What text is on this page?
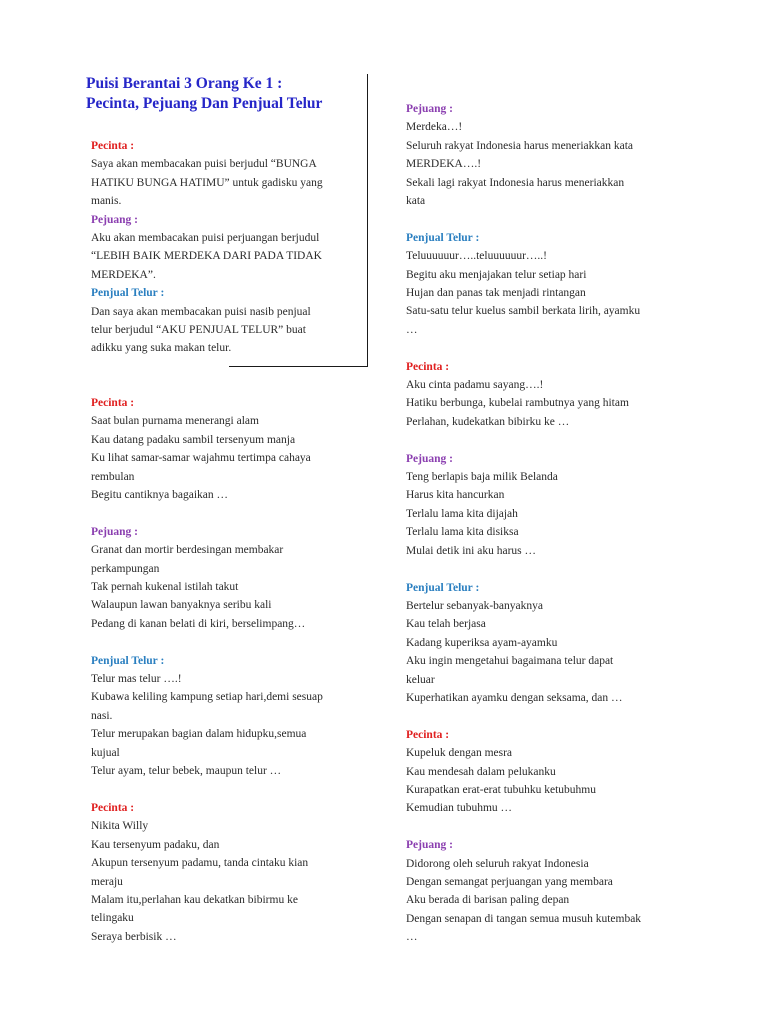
Puisi Berantai 3 Orang Ke 1 :
Pecinta, Pejuang Dan Penjual Telur
Pecinta :
Saya akan membacakan puisi berjudul “BUNGA
HATIKU BUNGA HATIMU” untuk gadisku yang
manis.
Pejuang :
Aku akan membacakan puisi perjuangan berjudul
“LEBIH BAIK MERDEKA DARI PADA TIDAK
MERDEKA”.
Penjual Telur :
Dan saya akan membacakan puisi nasib penjual
telur berjudul “AKU PENJUAL TELUR” buat
adikku yang suka makan telur.
Pecinta :
Saat bulan purnama menerangi alam
Kau datang padaku sambil tersenyum manja
Ku lihat samar-samar wajahmu tertimpa cahaya
rembulan
Begitu cantiknya bagaikan …
Pejuang :
Granat dan mortir berdesingan membakar
perkampungan
Tak pernah kukenal istilah takut
Walaupun lawan banyaknya seribu kali
Pedang di kanan belati di kiri, berselimpang…
Penjual Telur :
Telur mas telur ….!
Kubawa keliling kampung setiap hari,demi sesuap
nasi.
Telur merupakan bagian dalam hidupku,semua
kujual
Telur ayam, telur bebek, maupun telur …
Pecinta :
Nikita Willy
Kau tersenyum padaku, dan
Akupun tersenyum padamu, tanda cintaku kian
meraju
Malam itu,perlahan kau dekatkan bibirmu ke
telingaku
Seraya berbisik …
Pejuang :
Merdeka…!
Seluruh rakyat Indonesia harus meneriakkan kata
MERDEKA….!
Sekali lagi rakyat Indonesia harus meneriakkan
kata
Penjual Telur :
Teluuuuuur…..teluuuuuur…..!
Begitu aku menjajakan telur setiap hari
Hujan dan panas tak menjadi rintangan
Satu-satu telur kuelus sambil berkata lirih, ayamku
…
Pecinta :
Aku cinta padamu sayang….!
Hatiku berbunga, kubelai rambutnya yang hitam
Perlahan, kudekatkan bibirku ke …
Pejuang :
Teng berlapis baja milik Belanda
Harus kita hancurkan
Terlalu lama kita dijajah
Terlalu lama kita disiksa
Mulai detik ini aku harus …
Penjual Telur :
Bertelur sebanyak-banyaknya
Kau telah berjasa
Kadang kuperiksa ayam-ayamku
Aku ingin mengetahui bagaimana telur dapat
keluar
Kuperhatikan ayamku dengan seksama, dan …
Pecinta :
Kupeluk dengan mesra
Kau mendesah dalam pelukanku
Kurapatkan erat-erat tubuhku ketubuhmu
Kemudian tubuhmu …
Pejuang :
Didorong oleh seluruh rakyat Indonesia
Dengan semangat perjuangan yang membara
Aku berada di barisan paling depan
Dengan senapan di tangan semua musuh kutembak
…
